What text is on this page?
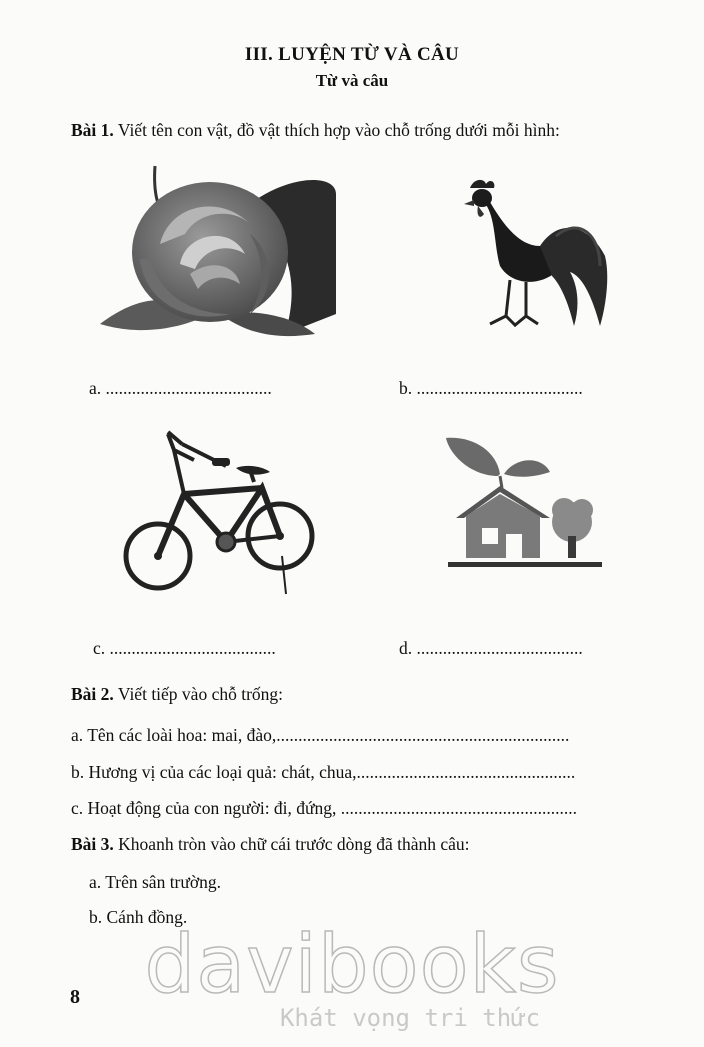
III. LUYỆN TỪ VÀ CÂU
Từ và câu
Bài 1. Viết tên con vật, đồ vật thích hợp vào chỗ trống dưới mỗi hình:
a. ......................................	b. ......................................
c. ......................................	d. ......................................
Bài 2. Viết tiếp vào chỗ trống:
a. Tên các loài hoa: mai, đào,...................................................................
b. Hương vị của các loại quả: chát, chua,..................................................
c. Hoạt động của con người: đi, đứng, ......................................................
Bài 3. Khoanh tròn vào chữ cái trước dòng đã thành câu:
a. Trên sân trường.
b. Cánh đồng.
davibooks
Khát vọng tri thức
8
